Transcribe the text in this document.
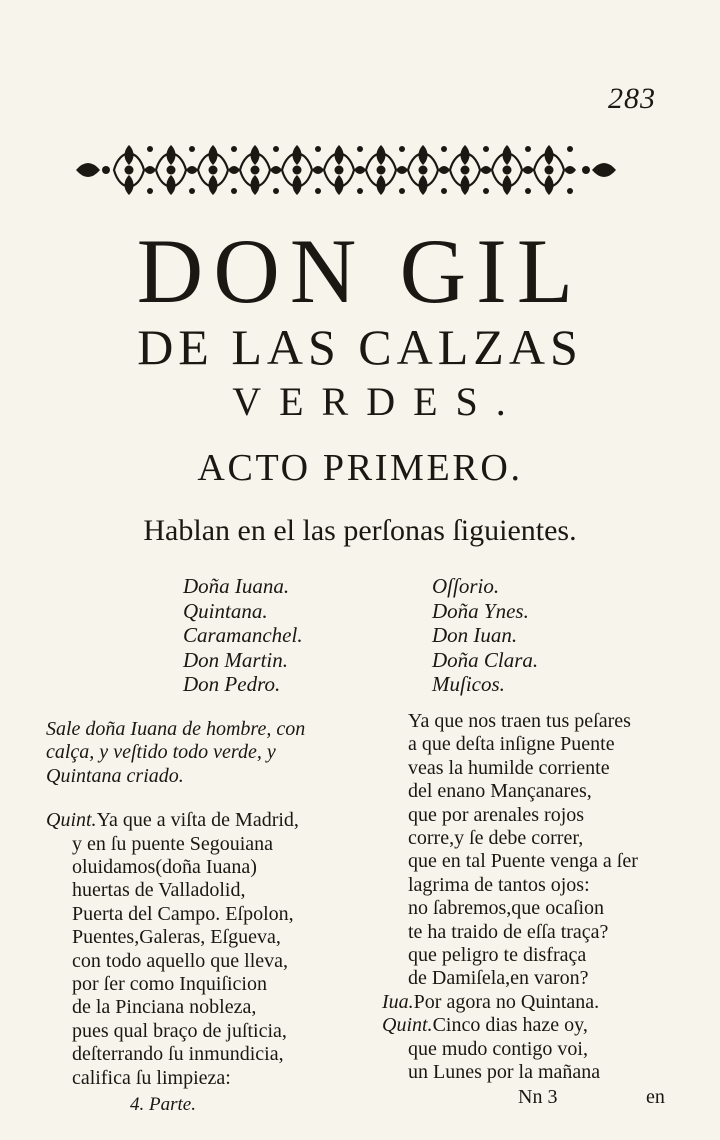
283
DON GIL
DE LAS CALZAS
VERDES.
ACTO PRIMERO.
Hablan en el las perſonas ſiguientes.
Doña Iuana.
Quintana.
Caramanchel.
Don Martin.
Don Pedro.
Oſſorio.
Doña Ynes.
Don Iuan.
Doña Clara.
Muſicos.
Sale doña Iuana de hombre, con
calça, y veſtido todo verde, y
Quintana criado.
Quint.Ya que a viſta de Madrid,
y en ſu puente Segouiana
oluidamos(doña Iuana)
huertas de Valladolid,
Puerta del Campo. Eſpolon,
Puentes,Galeras, Eſgueva,
con todo aquello que lleva,
por ſer como Inquiſicion
de la Pinciana nobleza,
pues qual braço de juſticia,
deſterrando ſu inmundicia,
califica ſu limpieza:
Ya que nos traen tus peſares
a que deſta inſigne Puente
veas la humilde corriente
del enano Mançanares,
que por arenales rojos
corre,y ſe debe correr,
que en tal Puente venga a ſer
lagrima de tantos ojos:
no ſabremos,que ocaſion
te ha traido de eſſa traça?
que peligro te disfraça
de Damiſela,en varon?
Iua.Por agora no Quintana.
Quint.Cinco dias haze oy,
que mudo contigo voi,
un Lunes por la mañana
4. Parte.	Nn 3	en
